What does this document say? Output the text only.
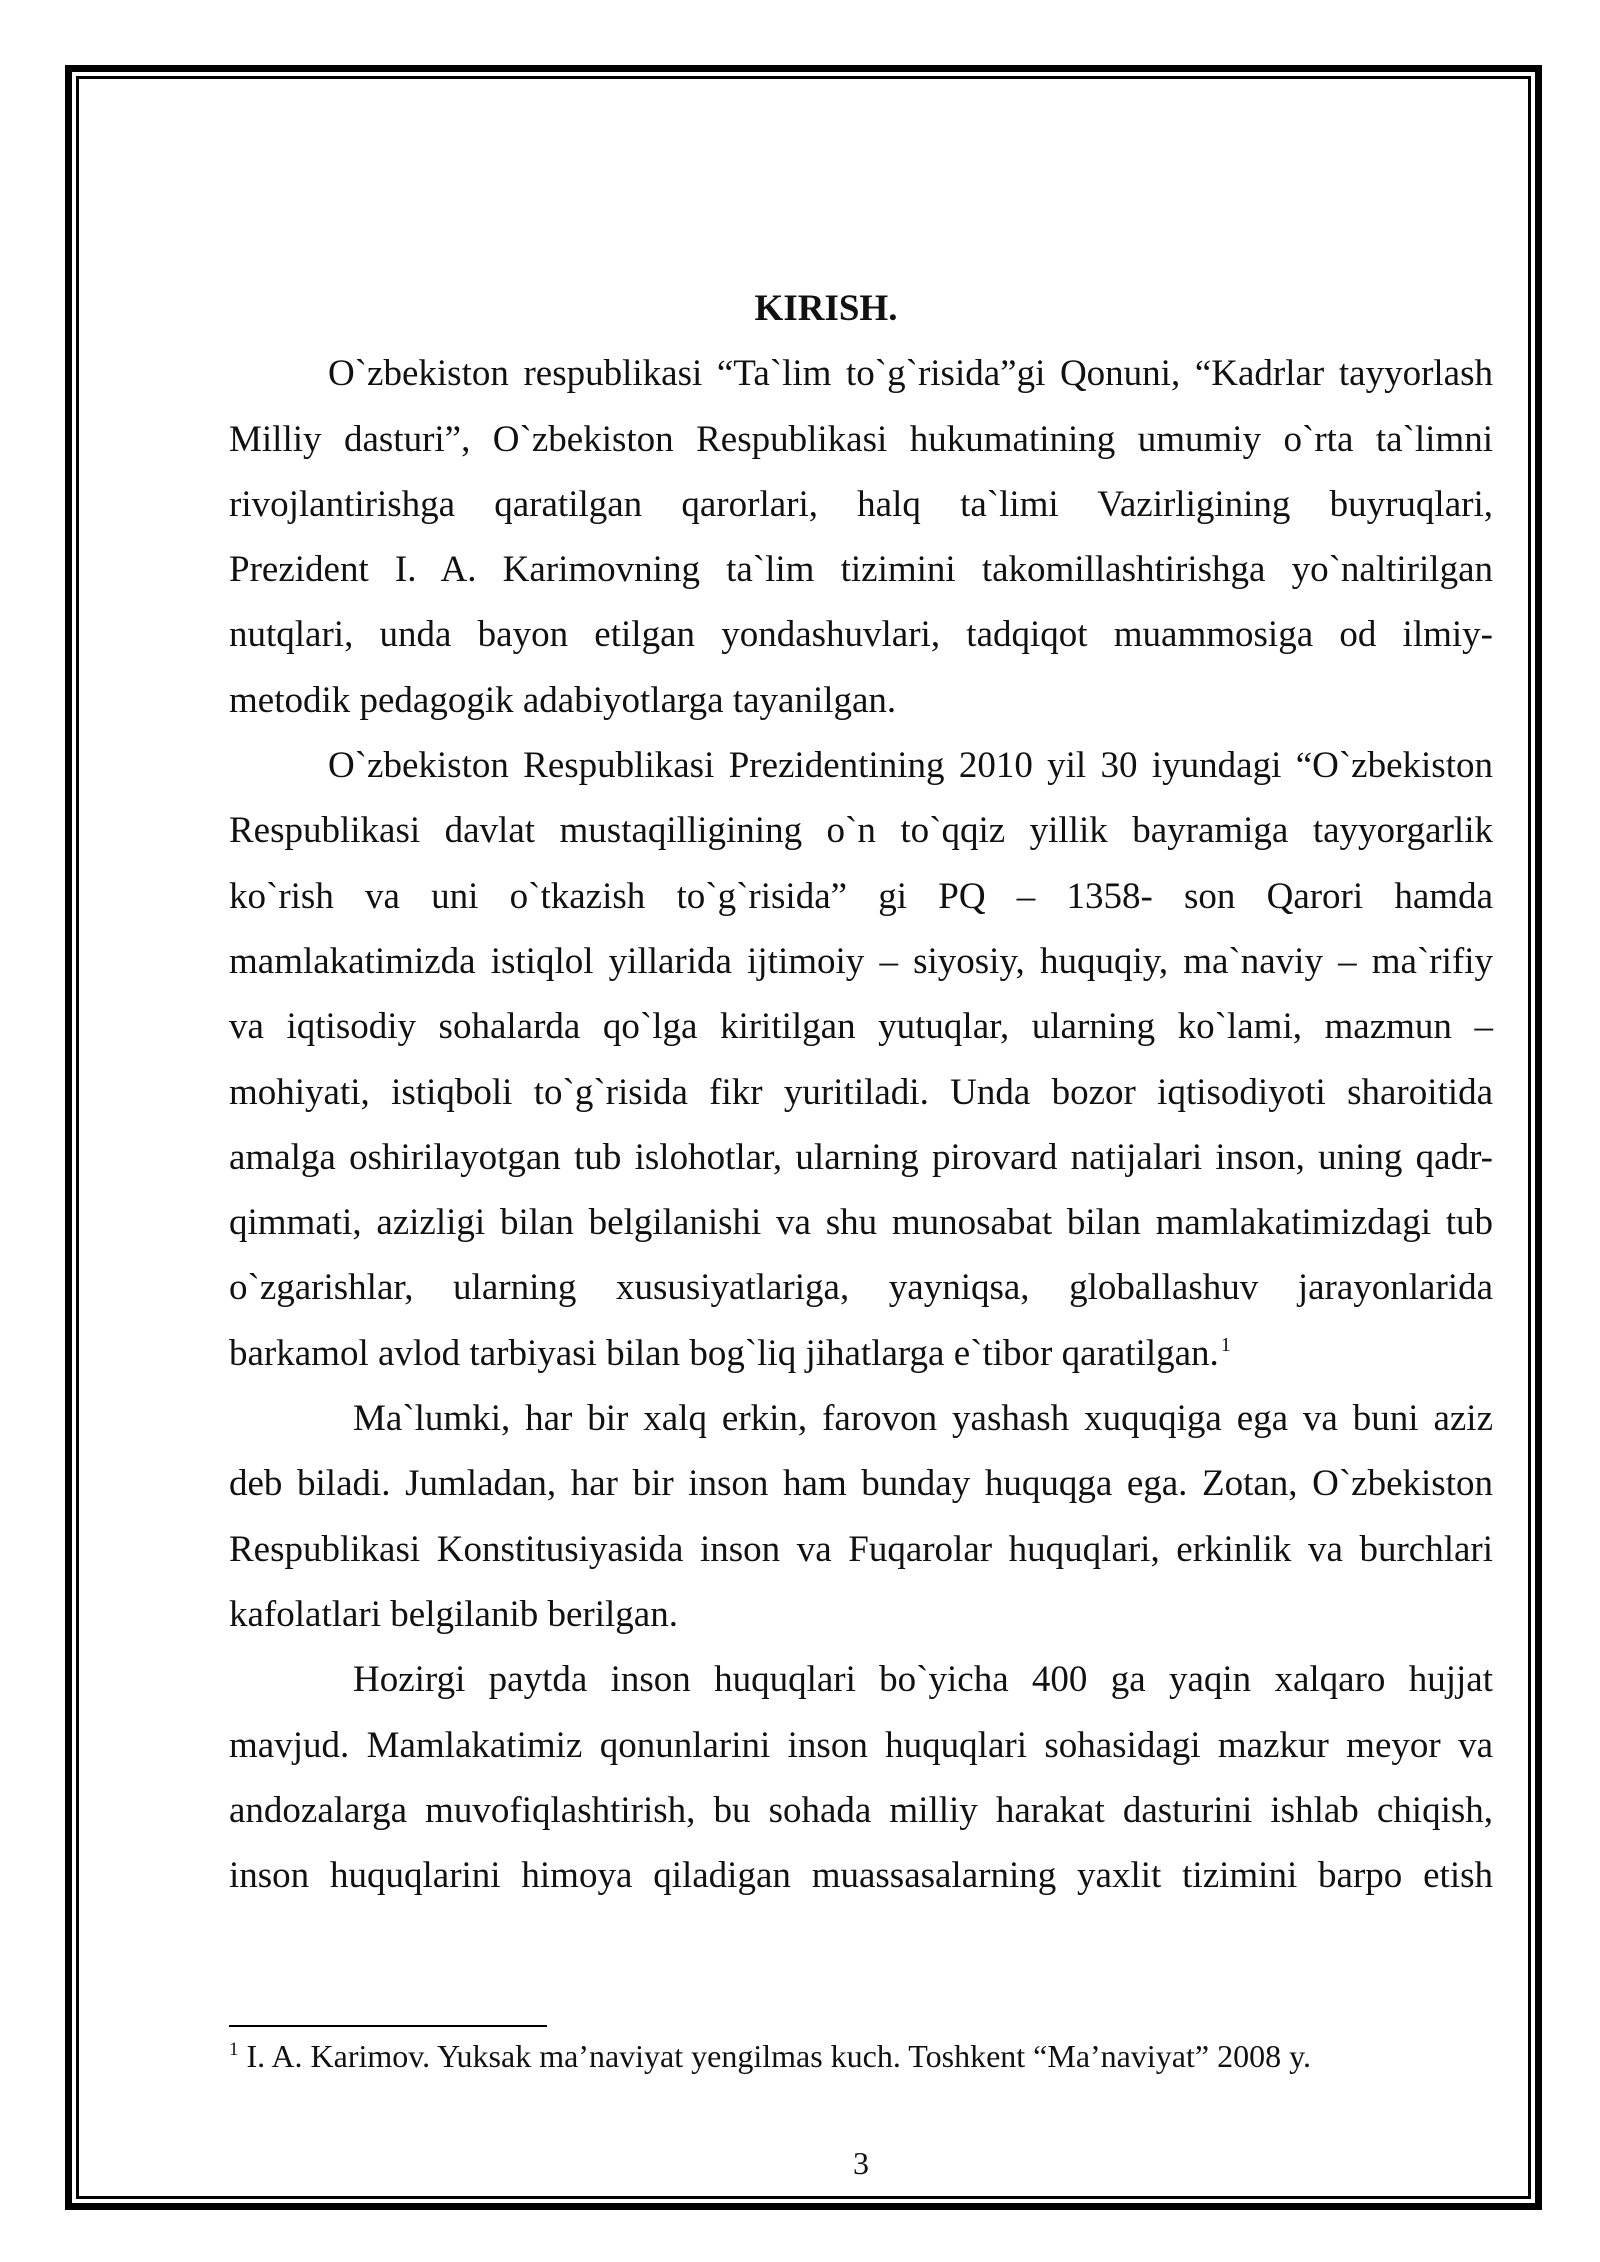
KIRISH.
O`zbekiston respublikasi “Ta`lim to`g`risida”gi Qonuni, “Kadrlar tayyorlash
Milliy dasturi”, O`zbekiston Respublikasi hukumatining umumiy o`rta ta`limni
rivojlantirishga qaratilgan qarorlari, halq ta`limi Vazirligining buyruqlari,
Prezident I. A. Karimovning ta`lim tizimini takomillashtirishga yo`naltirilgan
nutqlari, unda bayon etilgan yondashuvlari, tadqiqot muammosiga od ilmiy-
metodik pedagogik adabiyotlarga tayanilgan.
O`zbekiston Respublikasi Prezidentining 2010 yil 30 iyundagi “O`zbekiston
Respublikasi davlat mustaqilligining o`n to`qqiz yillik bayramiga tayyorgarlik
ko`rish va uni o`tkazish to`g`risida” gi PQ – 1358- son Qarori hamda
mamlakatimizda istiqlol yillarida ijtimoiy – siyosiy, huquqiy, ma`naviy – ma`rifiy
va iqtisodiy sohalarda qo`lga kiritilgan yutuqlar, ularning ko`lami, mazmun –
mohiyati, istiqboli to`g`risida fikr yuritiladi. Unda bozor iqtisodiyoti sharoitida
amalga oshirilayotgan tub islohotlar, ularning pirovard natijalari inson, uning qadr-
qimmati, azizligi bilan belgilanishi va shu munosabat bilan mamlakatimizdagi tub
o`zgarishlar, ularning xususiyatlariga, yayniqsa, globallashuv jarayonlarida
barkamol avlod tarbiyasi bilan bog`liq jihatlarga e`tibor qaratilgan. $^1$
Ma`lumki, har bir xalq erkin, farovon yashash xuquqiga ega va buni aziz
deb biladi. Jumladan, har bir inson ham bunday huquqga ega. Zotan, O`zbekiston
Respublikasi Konstitusiyasida inson va Fuqarolar huquqlari, erkinlik va burchlari
kafolatlari belgilanib berilgan.
Hozirgi paytda inson huquqlari bo`yicha 400 ga yaqin xalqaro hujjat
mavjud. Mamlakatimiz qonunlarini inson huquqlari sohasidagi mazkur meyor va
andozalarga muvofiqlashtirish, bu sohada milliy harakat dasturini ishlab chiqish,
inson huquqlarini himoya qiladigan muassasalarning yaxlit tizimini barpo etish
$^1$ I. A. Karimov. Yuksak ma’naviyat yengilmas kuch. Toshkent “Ma’naviyat” 2008 y.
3
